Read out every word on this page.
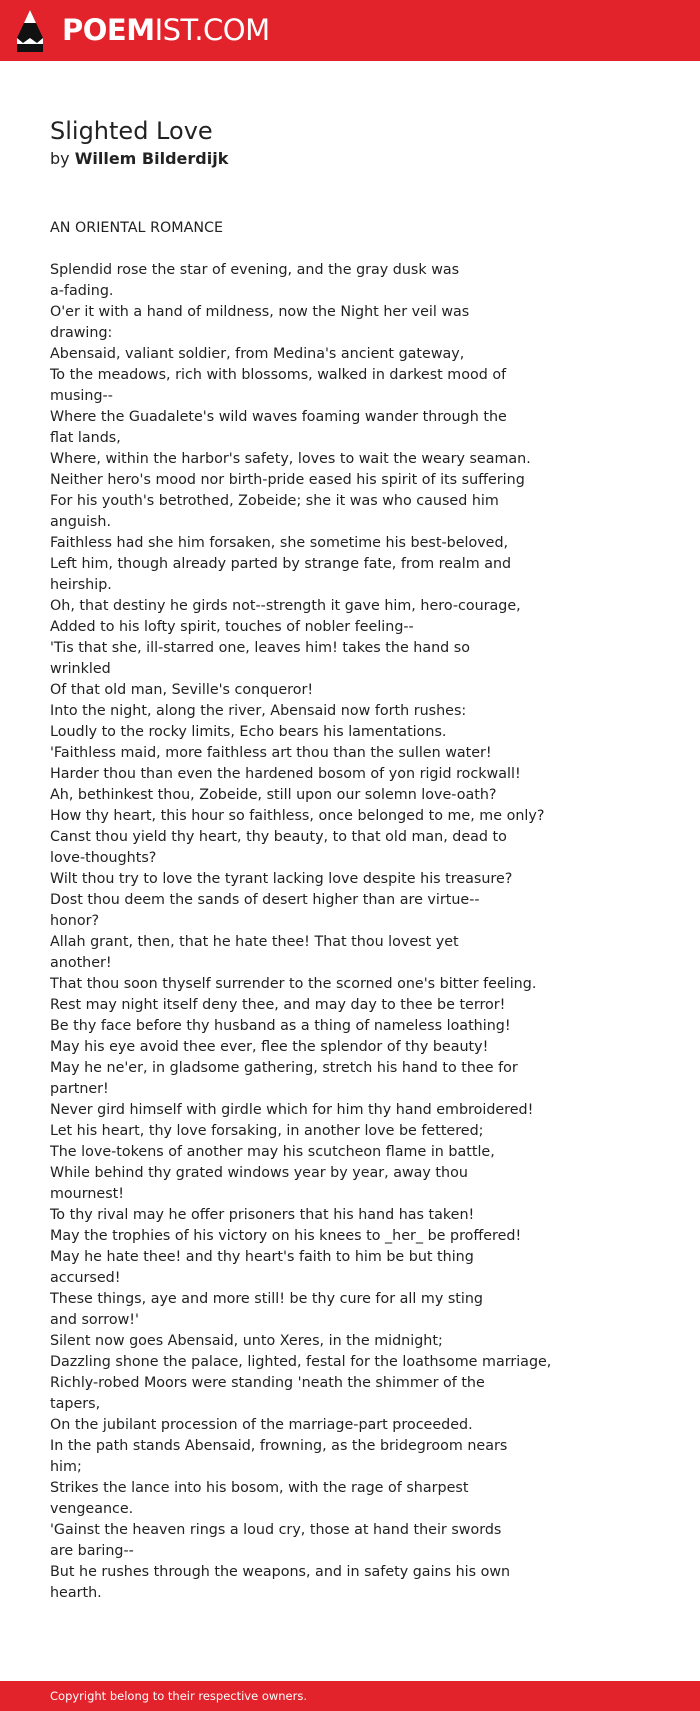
POEMIST.COM
Slighted Love
by Willem Bilderdijk
AN ORIENTAL ROMANCE
Splendid rose the star of evening, and the gray dusk was
a-fading.
O'er it with a hand of mildness, now the Night her veil was
drawing:
Abensaid, valiant soldier, from Medina's ancient gateway,
To the meadows, rich with blossoms, walked in darkest mood of
musing--
Where the Guadalete's wild waves foaming wander through the
flat lands,
Where, within the harbor's safety, loves to wait the weary seaman.
Neither hero's mood nor birth-pride eased his spirit of its suffering
For his youth's betrothed, Zobeide; she it was who caused him
anguish.
Faithless had she him forsaken, she sometime his best-beloved,
Left him, though already parted by strange fate, from realm and
heirship.
Oh, that destiny he girds not--strength it gave him, hero-courage,
Added to his lofty spirit, touches of nobler feeling--
'Tis that she, ill-starred one, leaves him! takes the hand so
wrinkled
Of that old man, Seville's conqueror!
Into the night, along the river, Abensaid now forth rushes:
Loudly to the rocky limits, Echo bears his lamentations.
'Faithless maid, more faithless art thou than the sullen water!
Harder thou than even the hardened bosom of yon rigid rockwall!
Ah, bethinkest thou, Zobeide, still upon our solemn love-oath?
How thy heart, this hour so faithless, once belonged to me, me only?
Canst thou yield thy heart, thy beauty, to that old man, dead to
love-thoughts?
Wilt thou try to love the tyrant lacking love despite his treasure?
Dost thou deem the sands of desert higher than are virtue--
honor?
Allah grant, then, that he hate thee! That thou lovest yet
another!
That thou soon thyself surrender to the scorned one's bitter feeling.
Rest may night itself deny thee, and may day to thee be terror!
Be thy face before thy husband as a thing of nameless loathing!
May his eye avoid thee ever, flee the splendor of thy beauty!
May he ne'er, in gladsome gathering, stretch his hand to thee for
partner!
Never gird himself with girdle which for him thy hand embroidered!
Let his heart, thy love forsaking, in another love be fettered;
The love-tokens of another may his scutcheon flame in battle,
While behind thy grated windows year by year, away thou
mournest!
To thy rival may he offer prisoners that his hand has taken!
May the trophies of his victory on his knees to _her_ be proffered!
May he hate thee! and thy heart's faith to him be but thing
accursed!
These things, aye and more still! be thy cure for all my sting
and sorrow!'
Silent now goes Abensaid, unto Xeres, in the midnight;
Dazzling shone the palace, lighted, festal for the loathsome marriage,
Richly-robed Moors were standing 'neath the shimmer of the
tapers,
On the jubilant procession of the marriage-part proceeded.
In the path stands Abensaid, frowning, as the bridegroom nears
him;
Strikes the lance into his bosom, with the rage of sharpest
vengeance.
'Gainst the heaven rings a loud cry, those at hand their swords
are baring--
But he rushes through the weapons, and in safety gains his own
hearth.
Copyright belong to their respective owners.
